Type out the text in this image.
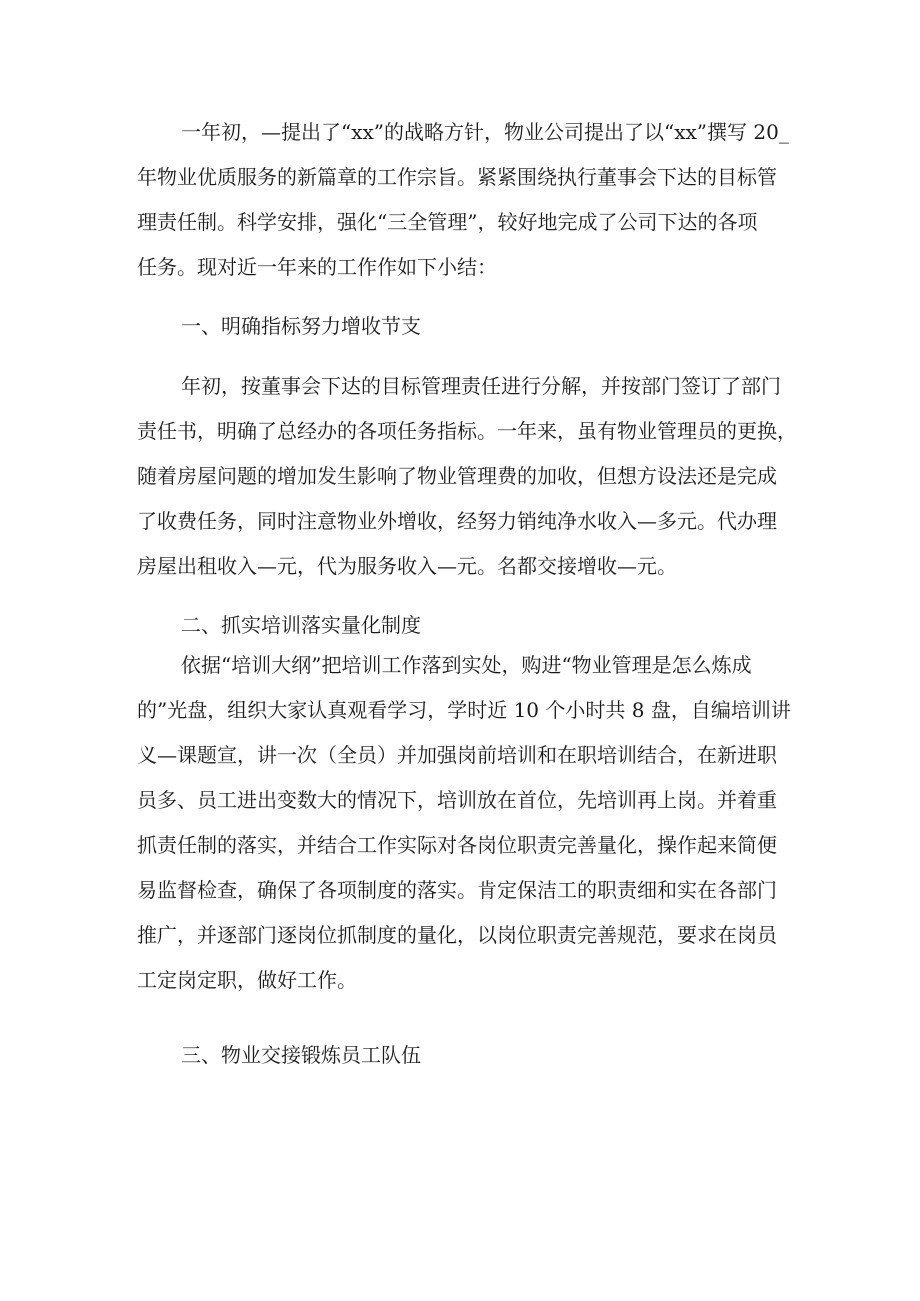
一年初，—提出了“xx”的战略方针，物业公司提出了以“xx”撰写 20_
年物业优质服务的新篇章的工作宗旨。紧紧围绕执行董事会下达的目标管
理责任制。科学安排，强化“三全管理”，较好地完成了公司下达的各项
任务。现对近一年来的工作作如下小结：
一、明确指标努力增收节支
年初，按董事会下达的目标管理责任进行分解，并按部门签订了部门
责任书，明确了总经办的各项任务指标。一年来，虽有物业管理员的更换，
随着房屋问题的增加发生影响了物业管理费的加收，但想方设法还是完成
了收费任务，同时注意物业外增收，经努力销纯净水收入—多元。代办理
房屋出租收入—元，代为服务收入—元。名都交接增收—元。
二、抓实培训落实量化制度
依据“培训大纲”把培训工作落到实处，购进“物业管理是怎么炼成
的”光盘，组织大家认真观看学习，学时近 10 个小时共 8 盘，自编培训讲
义—课题宣，讲一次（全员）并加强岗前培训和在职培训结合，在新进职
员多、员工进出变数大的情况下，培训放在首位，先培训再上岗。并着重
抓责任制的落实，并结合工作实际对各岗位职责完善量化，操作起来简便
易监督检查，确保了各项制度的落实。肯定保洁工的职责细和实在各部门
推广，并逐部门逐岗位抓制度的量化，以岗位职责完善规范，要求在岗员
工定岗定职，做好工作。
三、物业交接锻炼员工队伍
